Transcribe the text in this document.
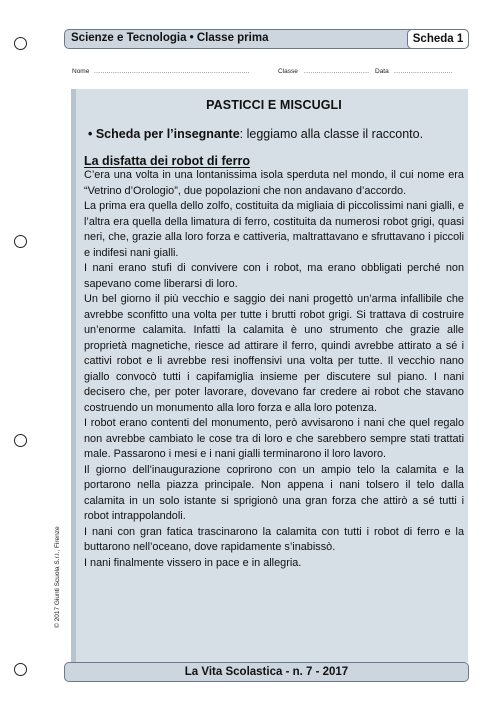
Scienze e Tecnologia • Classe prima	Scheda 1
Nome ..........................................................................	Classe ............................... Data ............................
© 2017 Giunti Scuola S.r.l., Firenze
PASTICCI E MISCUGLI
• Scheda per l’insegnante: leggiamo alla classe il racconto.
La disfatta dei robot di ferro

C’era una volta in una lontanissima isola sperduta nel mondo, il cui nome era “Vetrino d’Orologio”, due popolazioni che non andavano d’accordo.

La prima era quella dello zolfo, costituita da migliaia di piccolissimi nani gialli, e l’altra era quella della limatura di ferro, costituita da numerosi robot grigi, quasi neri, che, grazie alla loro forza e cattiveria, maltrattavano e sfruttavano i piccoli e indifesi nani gialli.

I nani erano stufi di convivere con i robot, ma erano obbligati perché non sapevano come liberarsi di loro.

Un bel giorno il più vecchio e saggio dei nani progettò un’arma infallibile che avrebbe sconfitto una volta per tutte i brutti robot grigi. Si trattava di costruire un’enorme calamita. Infatti la calamita è uno strumento che grazie alle proprietà magnetiche, riesce ad attirare il ferro, quindi avrebbe attirato a sé i cattivi robot e li avrebbe resi inoffensivi una volta per tutte. Il vecchio nano giallo convocò tutti i capifamiglia insieme per discutere sul piano. I nani decisero che, per poter lavorare, dovevano far credere ai robot che stavano costruendo un monumento alla loro forza e alla loro potenza.

I robot erano contenti del monumento, però avvisarono i nani che quel regalo non avrebbe cambiato le cose tra di loro e che sarebbero sempre stati trattati male. Passarono i mesi e i nani gialli terminarono il loro lavoro.

Il giorno dell’inaugurazione coprirono con un ampio telo la calamita e la portarono nella piazza principale. Non appena i nani tolsero il telo dalla calamita in un solo istante si sprigionò una gran forza che attirò a sé tutti i robot intrappolandoli.

I nani con gran fatica trascinarono la calamita con tutti i robot di ferro e la buttarono nell’oceano, dove rapidamente s’inabissò.

I nani finalmente vissero in pace e in allegria.

La Vita Scolastica - n. 7 - 2017
